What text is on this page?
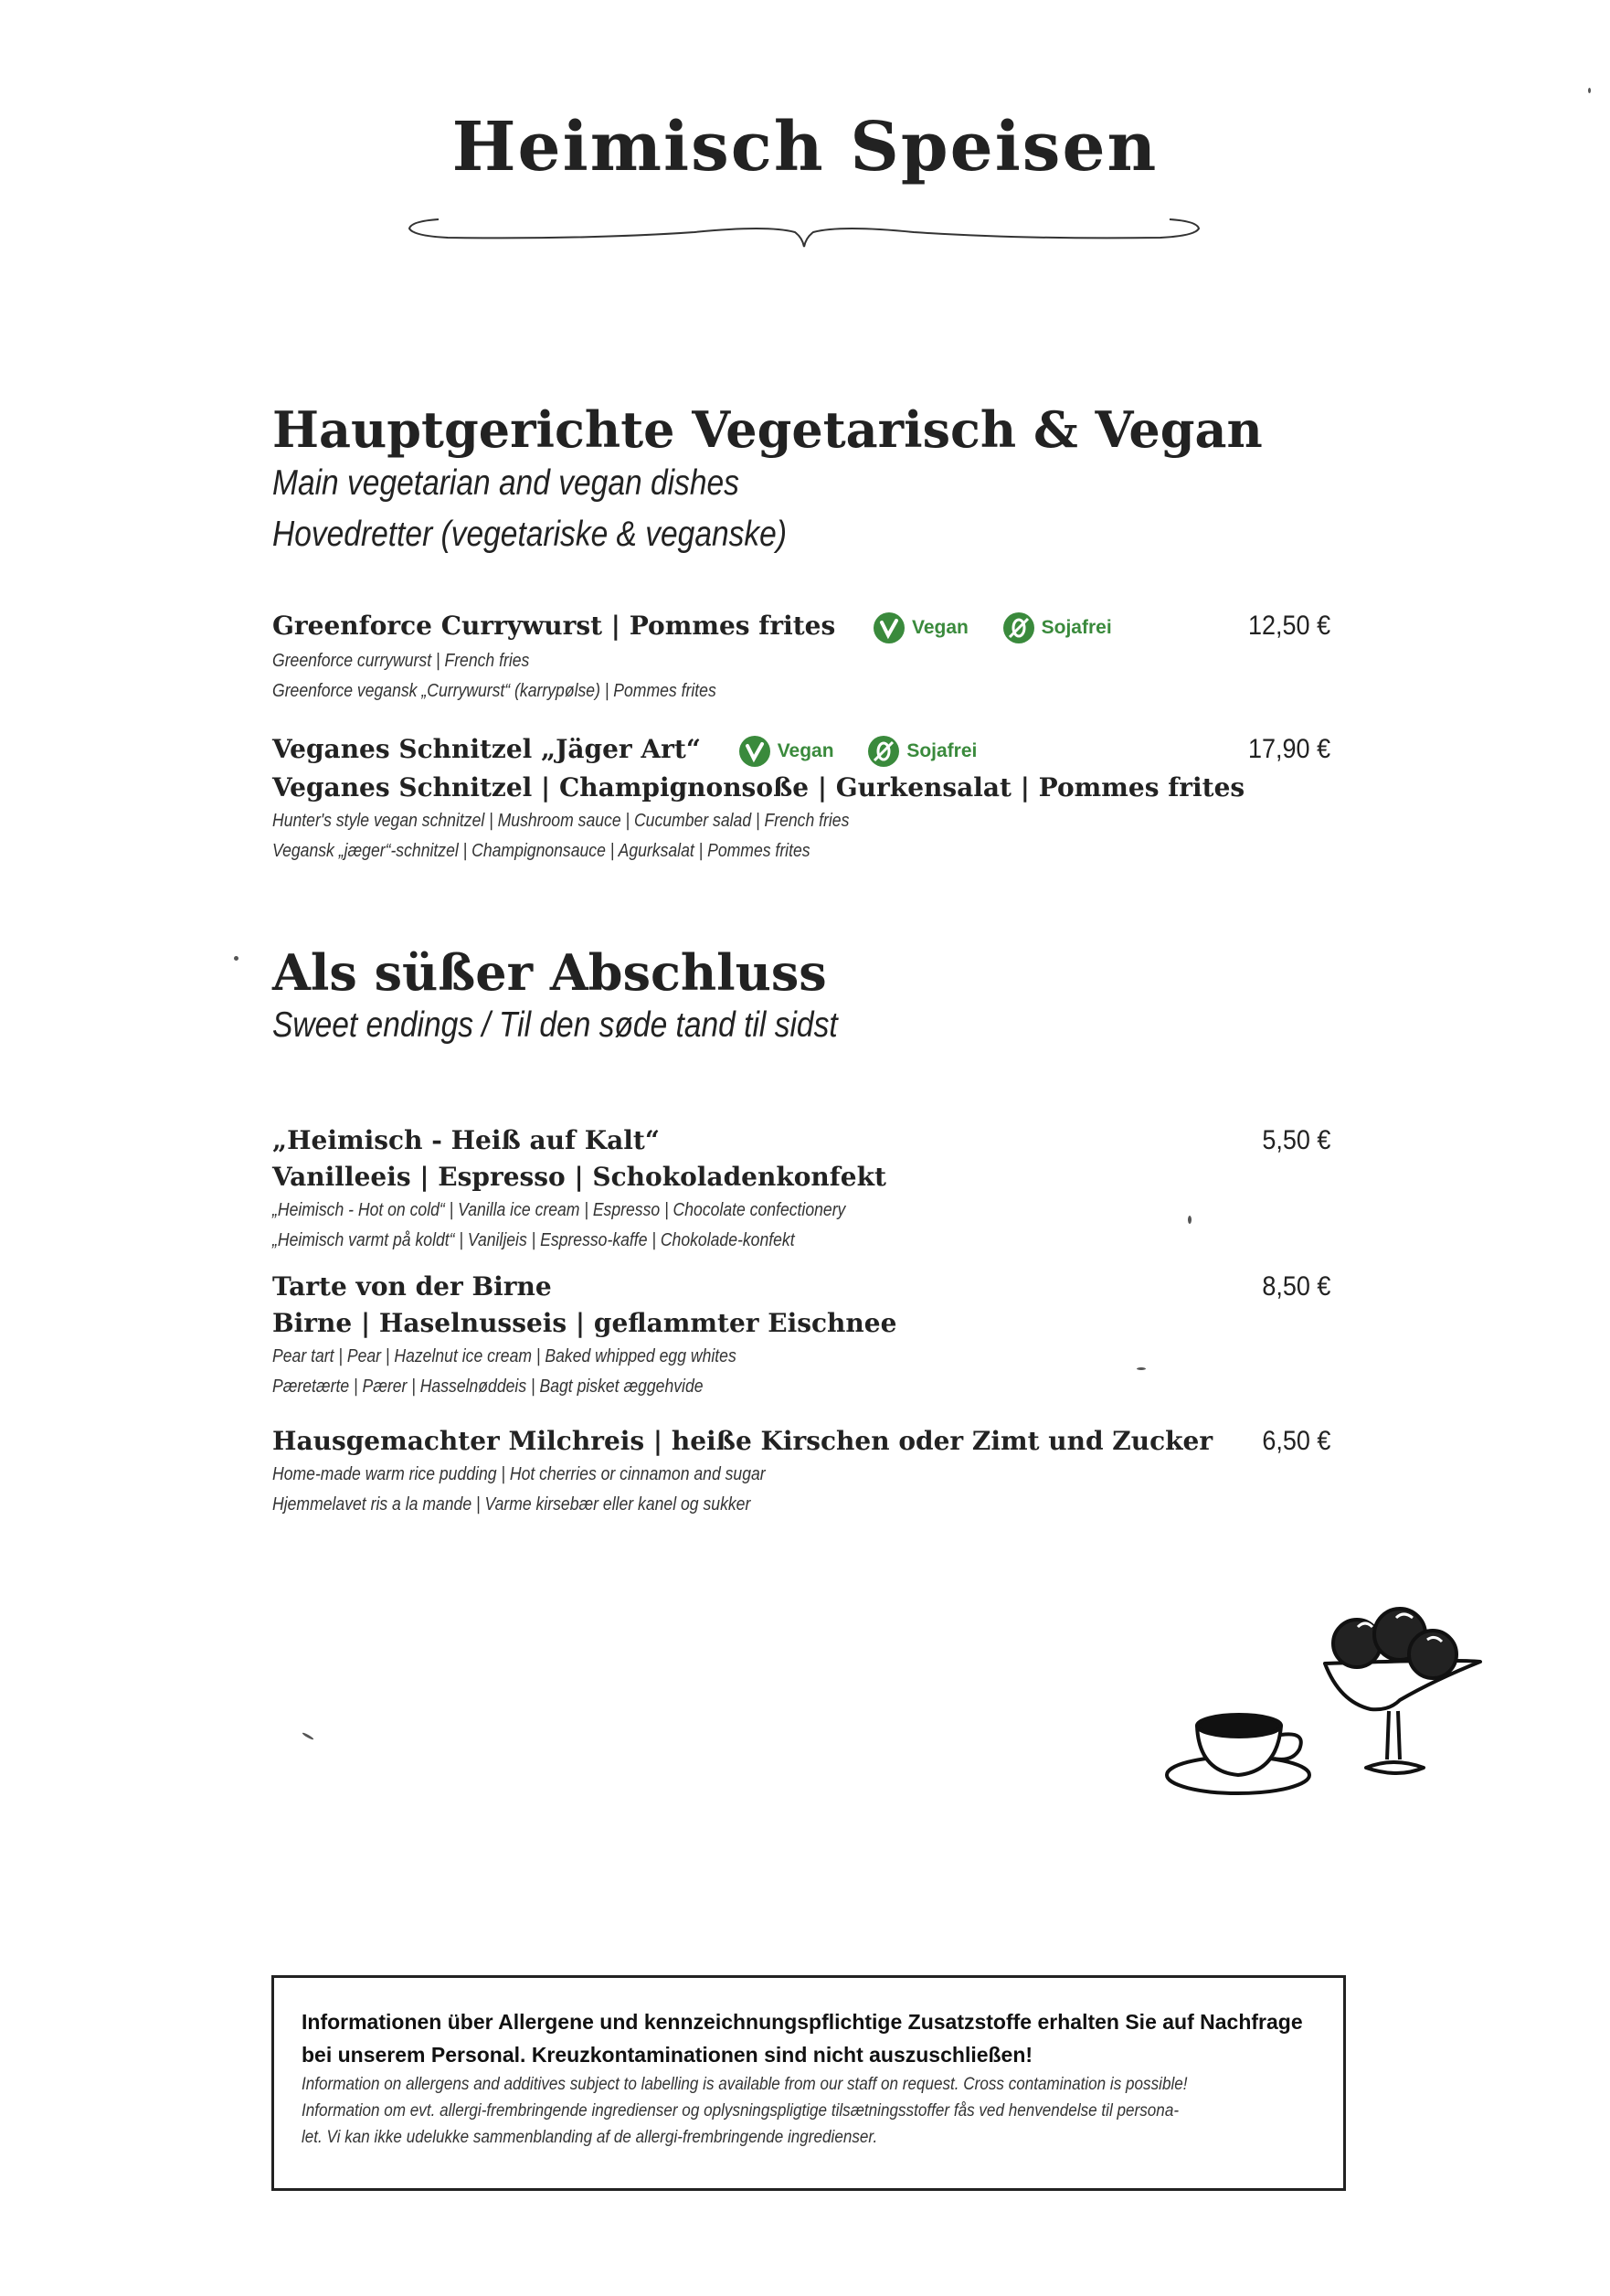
Heimisch Speisen
Hauptgerichte Vegetarisch & Vegan
Main vegetarian and vegan dishes
Hovedretter (vegetariske & veganske)
Greenforce Currywurst | Pommes frites	Vegan
	Sojafrei
Greenforce currywurst | French fries
Greenforce vegansk „Currywurst“ (karrypølse) | Pommes frites
12,50 €
Veganes Schnitzel „Jäger Art“	Vegan
	Sojafrei
Veganes Schnitzel | Champignonsoße | Gurkensalat | Pommes frites
Hunter's style vegan schnitzel | Mushroom sauce | Cucumber salad | French fries
Vegansk „jæger“-schnitzel | Champignonsauce | Agurksalat | Pommes frites
17,90 €
Als süßer Abschluss
Sweet endings / Til den søde tand til sidst
„Heimisch - Heiß auf Kalt“
Vanilleeis | Espresso | Schokoladenkonfekt
„Heimisch - Hot on cold“ | Vanilla ice cream | Espresso | Chocolate confectionery
„Heimisch varmt på koldt“ | Vaniljeis | Espresso-kaffe | Chokolade-konfekt
5,50 €
Tarte von der Birne
Birne | Haselnusseis | geflammter Eischnee
Pear tart | Pear | Hazelnut ice cream | Baked whipped egg whites
Pæretærte | Pærer | Hasselnøddeis | Bagt pisket æggehvide
8,50 €
Hausgemachter Milchreis | heiße Kirschen oder Zimt und Zucker
Home-made warm rice pudding | Hot cherries or cinnamon and sugar
Hjemmelavet ris a la mande | Varme kirsebær eller kanel og sukker
6,50 €
Informationen über Allergene und kennzeichnungspflichtige Zusatzstoffe erhalten Sie auf Nachfrage
bei unserem Personal. Kreuzkontaminationen sind nicht auszuschließen!
Information on allergens and additives subject to labelling is available from our staff on request. Cross contamination is possible!
Information om evt. allergi-frembringende ingredienser og oplysningspligtige tilsætningsstoffer fås ved henvendelse til persona-
let. Vi kan ikke udelukke sammenblanding af de allergi-frembringende ingredienser.
